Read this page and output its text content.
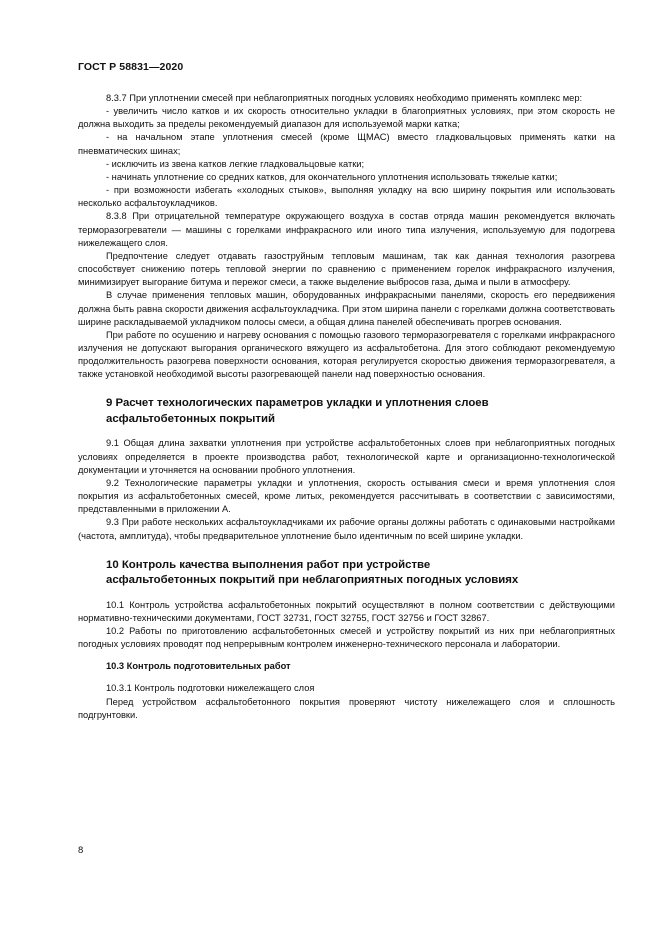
ГОСТ Р 58831—2020

8.3.7 При уплотнении смесей при неблагоприятных погодных условиях необходимо применять комплекс мер:

- увеличить число катков и их скорость относительно укладки в благоприятных условиях, при этом скорость не должна выходить за пределы рекомендуемый диапазон для используемой марки катка;

- на начальном этапе уплотнения смесей (кроме ЩМАС) вместо гладковальцовых применять катки на пневматических шинах;

- исключить из звена катков легкие гладковальцовые катки;

- начинать уплотнение со средних катков, для окончательного уплотнения использовать тяжелые катки;

- при возможности избегать «холодных стыков», выполняя укладку на всю ширину покрытия или использовать несколько асфальтоукладчиков.

8.3.8 При отрицательной температуре окружающего воздуха в состав отряда машин рекомендуется включать терморазогреватели — машины с горелками инфракрасного или иного типа излучения, используемую для подогрева нижележащего слоя.

Предпочтение следует отдавать газоструйным тепловым машинам, так как данная технология разогрева способствует снижению потерь тепловой энергии по сравнению с применением горелок инфракрасного излучения, минимизирует выгорание битума и пережог смеси, а также выделение выбросов газа, дыма и пыли в атмосферу.

В случае применения тепловых машин, оборудованных инфракрасными панелями, скорость его передвижения должна быть равна скорости движения асфальтоукладчика. При этом ширина панели с горелками должна соответствовать ширине раскладываемой укладчиком полосы смеси, а общая длина панелей обеспечивать прогрев основания.

При работе по осушению и нагреву основания с помощью газового терморазогревателя с горелками инфракрасного излучения не допускают выгорания органического вяжущего из асфальтобетона. Для этого соблюдают рекомендуемую продолжительность разогрева поверхности основания, которая регулируется скоростью движения терморазогревателя, а также установкой необходимой высоты разогревающей панели над поверхностью основания.

9 Расчет технологических параметров укладки и уплотнения слоев
асфальтобетонных покрытий

9.1 Общая длина захватки уплотнения при устройстве асфальтобетонных слоев при неблагоприятных погодных условиях определяется в проекте производства работ, технологической карте и организационно-технологической документации и уточняется на основании пробного уплотнения.

9.2 Технологические параметры укладки и уплотнения, скорость остывания смеси и время уплотнения слоя покрытия из асфальтобетонных смесей, кроме литых, рекомендуется рассчитывать в соответствии с зависимостями, представленными в приложении А.

9.3 При работе нескольких асфальтоукладчиками их рабочие органы должны работать с одинаковыми настройками (частота, амплитуда), чтобы предварительное уплотнение было идентичным по всей ширине укладки.

10 Контроль качества выполнения работ при устройстве
асфальтобетонных покрытий при неблагоприятных погодных условиях

10.1 Контроль устройства асфальтобетонных покрытий осуществляют в полном соответствии с действующими нормативно-техническими документами, ГОСТ 32731, ГОСТ 32755, ГОСТ 32756 и ГОСТ 32867.

10.2 Работы по приготовлению асфальтобетонных смесей и устройству покрытий из них при неблагоприятных погодных условиях проводят под непрерывным контролем инженерно-технического персонала и лаборатории.

10.3 Контроль подготовительных работ

10.3.1 Контроль подготовки нижележащего слоя

Перед устройством асфальтобетонного покрытия проверяют чистоту нижележащего слоя и сплошность подгрунтовки.

8
